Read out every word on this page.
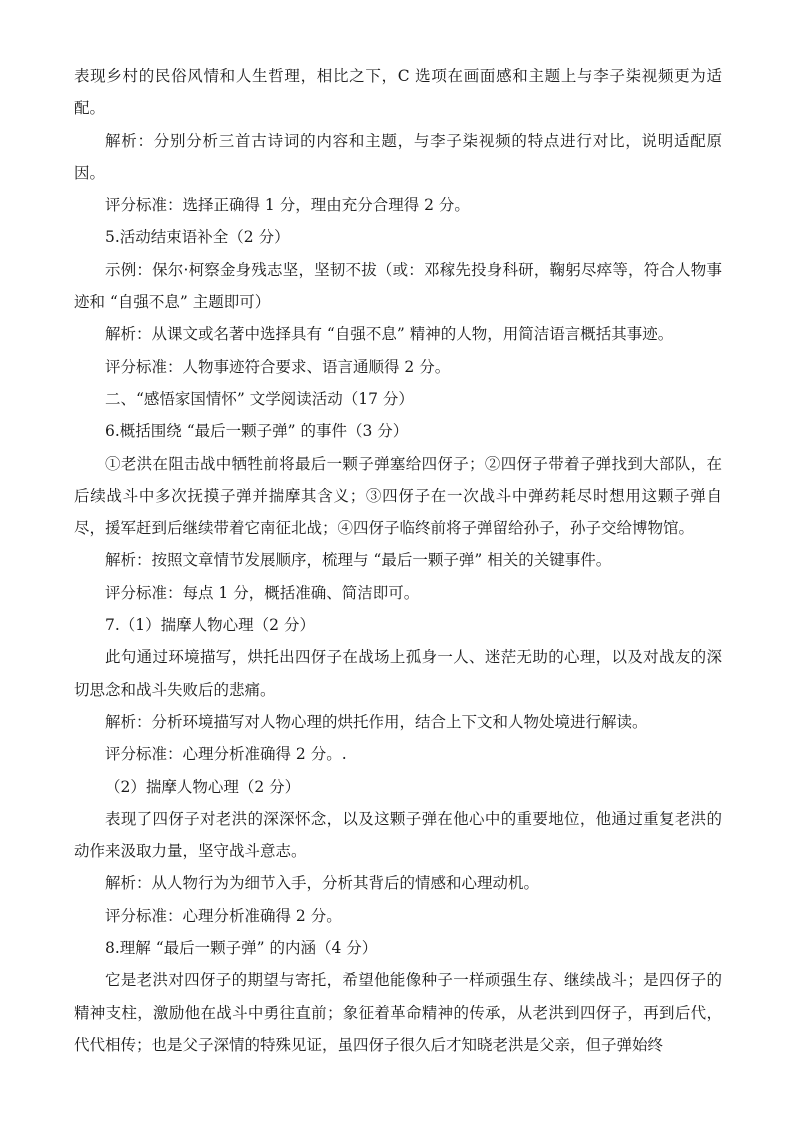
表现乡村的民俗风情和人生哲理，相比之下，C 选项在画面感和主题上与李子柒视频更为适配。

解析：分别分析三首古诗词的内容和主题，与李子柒视频的特点进行对比，说明适配原因。

评分标准：选择正确得 1 分，理由充分合理得 2 分。

5.活动结束语补全（2 分）

示例：保尔·柯察金身残志坚，坚韧不拔（或：邓稼先投身科研，鞠躬尽瘁等，符合人物事迹和 “自强不息” 主题即可）

解析：从课文或名著中选择具有 “自强不息” 精神的人物，用简洁语言概括其事迹。

评分标准：人物事迹符合要求、语言通顺得 2 分。

二、“感悟家国情怀” 文学阅读活动（17 分）

6.概括围绕 “最后一颗子弹” 的事件（3 分）

①老洪在阻击战中牺牲前将最后一颗子弹塞给四伢子；②四伢子带着子弹找到大部队，在后续战斗中多次抚摸子弹并揣摩其含义；③四伢子在一次战斗中弹药耗尽时想用这颗子弹自尽，援军赶到后继续带着它南征北战；④四伢子临终前将子弹留给孙子，孙子交给博物馆。

解析：按照文章情节发展顺序，梳理与 “最后一颗子弹” 相关的关键事件。

评分标准：每点 1 分，概括准确、简洁即可。

7.（1）揣摩人物心理（2 分）

此句通过环境描写，烘托出四伢子在战场上孤身一人、迷茫无助的心理，以及对战友的深切思念和战斗失败后的悲痛。

解析：分析环境描写对人物心理的烘托作用，结合上下文和人物处境进行解读。

评分标准：心理分析准确得 2 分。.

（2）揣摩人物心理（2 分）

表现了四伢子对老洪的深深怀念，以及这颗子弹在他心中的重要地位，他通过重复老洪的动作来汲取力量，坚守战斗意志。

解析：从人物行为为细节入手，分析其背后的情感和心理动机。

评分标准：心理分析准确得 2 分。

8.理解 “最后一颗子弹” 的内涵（4 分）

它是老洪对四伢子的期望与寄托，希望他能像种子一样顽强生存、继续战斗；是四伢子的精神支柱，激励他在战斗中勇往直前；象征着革命精神的传承，从老洪到四伢子，再到后代，代代相传；也是父子深情的特殊见证，虽四伢子很久后才知晓老洪是父亲，但子弹始终
